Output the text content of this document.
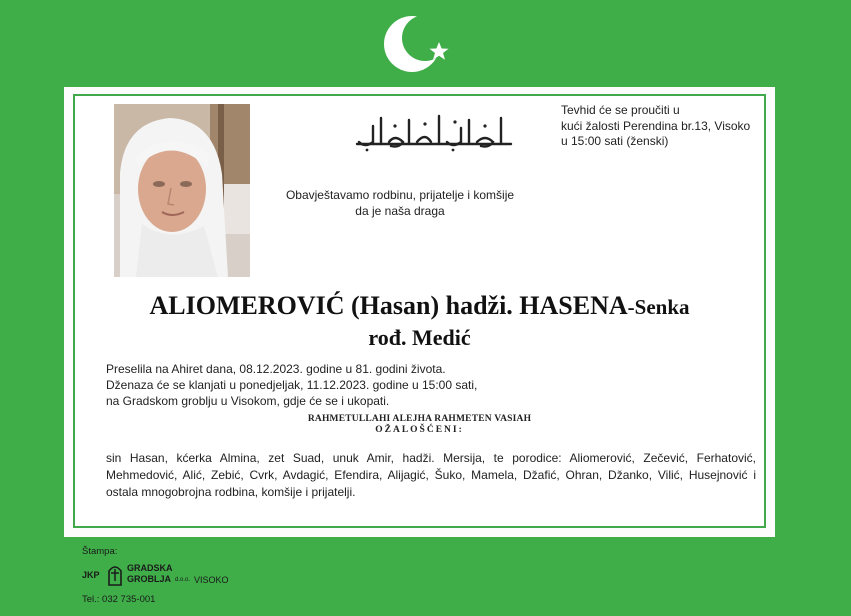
Tevhid će se proučiti u
kući žalosti Perendina br.13, Visoko
u 15:00 sati (ženski)
Obavještavamo rodbinu, prijatelje i komšije
da je naša draga
ALIOMEROVIĆ (Hasan) hadži. HASENA-Senka
rođ. Medić
Preselila na Ahiret dana, 08.12.2023. godine u 81. godini života.
Dženaza će se klanjati u ponedjeljak, 11.12.2023. godine u 15:00 sati,
na Gradskom groblju u Visokom, gdje će se i ukopati.
RAHMETULLAHI ALEJHA RAHMETEN VASIAH
OŽALOŠĆENI:
sin Hasan, kćerka Almina, zet Suad, unuk Amir, hadži. Mersija, te porodice: Aliomerović, Zečević, Ferhatović, Mehmedović, Alić, Zebić, Cvrk, Avdagić, Efendira, Alijagić, Šuko, Mamela, Džafić, Ohran, Džanko, Vilić, Husejnović i ostala mnogobrojna rodbina, komšije i prijatelji.
Štampa:
JKP
GRADSKA
GROBLJA d.o.o. VISOKO
Tel.: 032 735-001
